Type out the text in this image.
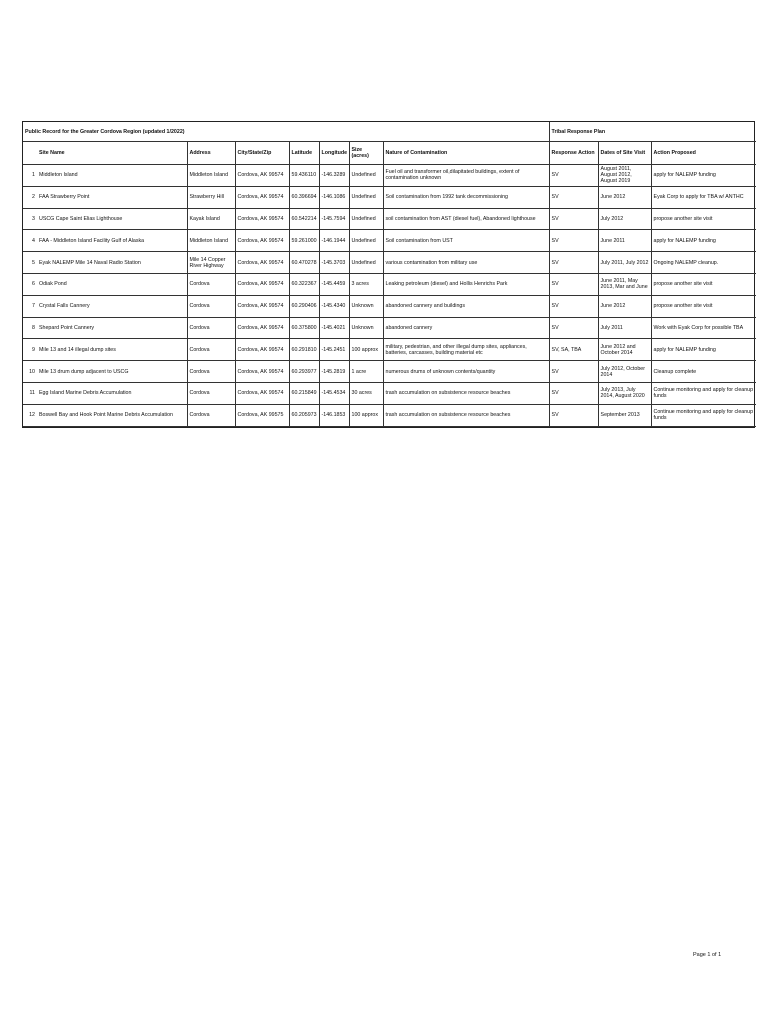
Public Record for the Greater Cordova Region (updated 1/2022)								Tribal Response Plan		
	Site Name	Address	City/State/Zip	Latitude	Longitude	Size (acres)	Nature of Contamination	Response Action	Dates of Site Visit	Action Proposed
1	Middleton Island	Middleton Island	Cordova, AK 99574	59.436110	-146.3289	Undefined	Fuel oil and transformer oil,dilapitated buildings, extent of contamination unknown	SV	August 2011, August 2012, August 2019	apply for NALEMP funding
2	FAA Strawberry Point	Strawberry Hill	Cordova, AK 99574	60.396694	-146.1086	Undefined	Soil contamination from 1992 tank decommissioning	SV	June 2012	Eyak Corp to apply for TBA w/ ANTHC
3	USCG Cape Saint Elias Lighthouse	Kayak Island	Cordova, AK 99574	60.542214	-145.7594	Undefined	soil contamination from AST (diesel fuel), Abandoned lighthouse	SV	July 2012	propose another site visit
4	FAA - Middleton Island Facility Gulf of Alaska	Middleton Island	Cordova, AK 99574	59.261000	-146.1944	Undefined	Soil contamination from UST	SV	June 2011	apply for NALEMP funding
5	Eyak NALEMP Mile 14 Naval Radio Station	Mile 14 Copper River Highway	Cordova, AK 99574	60.470278	-145.3703	Undefined	various contamination from military use	SV	July 2011, July 2012	Ongoing NALEMP cleanup.
6	Odiak Pond	Cordova	Cordova, AK 99574	60.322367	-145.4459	3 acres	Leaking petroleum (diesel) and Hollis Henrichs Park	SV	June 2011, May 2013, Mar and June	propose another site visit
7	Crystal Falls Cannery	Cordova	Cordova, AK 99574	60.290406	-145.4340	Unknown	abandoned cannery and buildings	SV	June 2012	propose another site visit
8	Shepard Point Cannery	Cordova	Cordova, AK 99574	60.375800	-145.4021	Unknown	abandoned cannery	SV	July 2011	Work with Eyak Corp for possible TBA
9	Mile 13 and 14 illegal dump sites	Cordova	Cordova, AK 99574	60.291810	-145.2451	100 approx	military, pedestrian, and other illegal dump sites, appliances, batteries, carcasses, building material etc	SV, SA, TBA	June 2012 and October 2014	apply for NALEMP funding
10	Mile 13 drum dump adjacent to USCG	Cordova	Cordova, AK 99574	60.293977	-145.2819	1 acre	numerous drums of unknown contents/quantity	SV	July 2012, October 2014	Cleanup complete
11	Egg Island Marine Debris Accumulation	Cordova	Cordova, AK 99574	60.215849	-145.4534	30 acres	trash accumulation on subsistence resource beaches	SV	July 2013, July 2014, August 2020	Continue monitoring and apply for cleanup funds
12	Boswell Bay and Hook Point Marine Debris Accumulation	Cordova	Cordova, AK 99575	60.205973	-146.1853	100 approx	trash accumulation on subsistence resource beaches	SV	September 2013	Continue monitoring and apply for cleanup funds
Page 1 of 1
